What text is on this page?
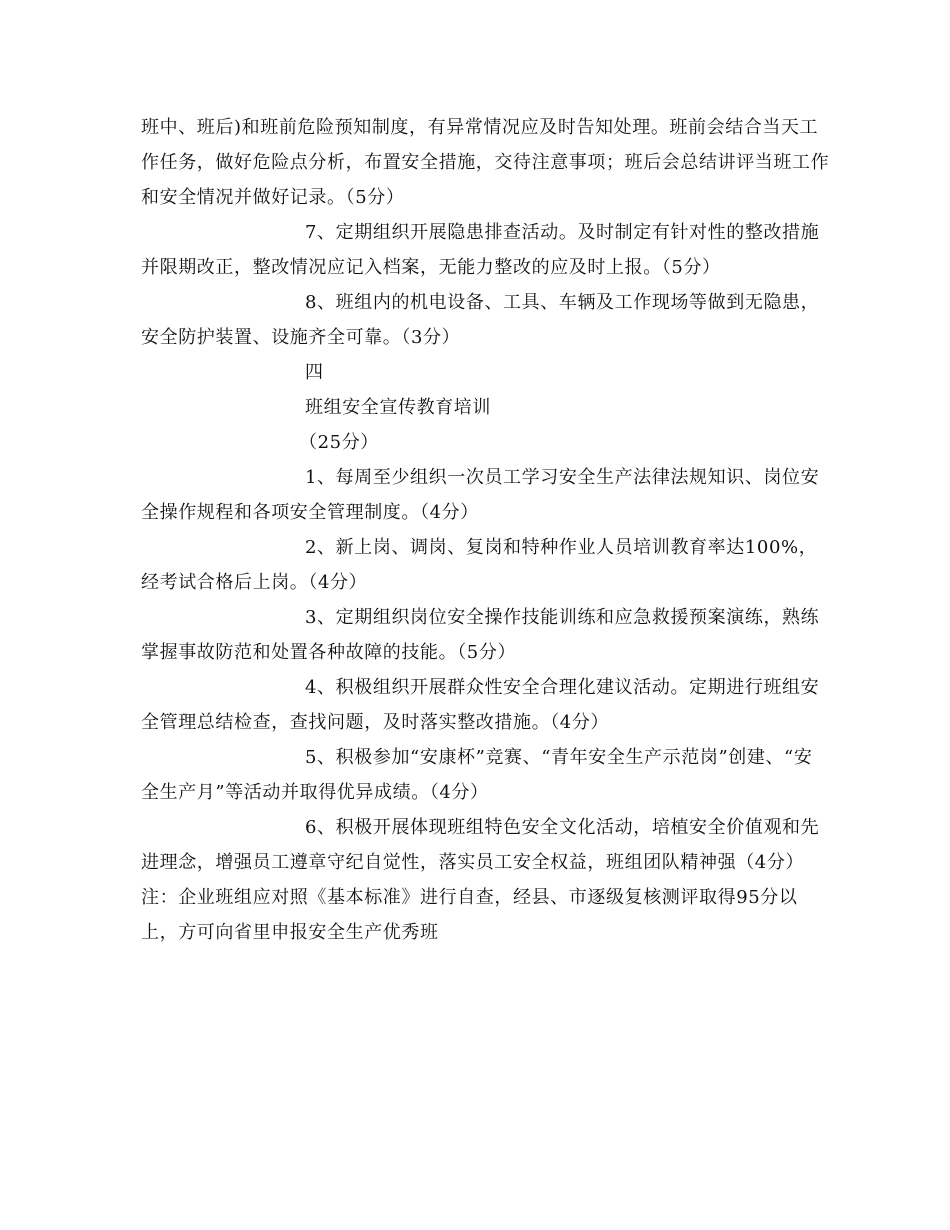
班中、班后)和班前危险预知制度，有异常情况应及时告知处理。班前会结合当天工作任务，做好危险点分析，布置安全措施，交待注意事项；班后会总结讲评当班工作和安全情况并做好记录。（5分）

7、定期组织开展隐患排查活动。及时制定有针对性的整改措施并限期改正，整改情况应记入档案，无能力整改的应及时上报。（5分）

8、班组内的机电设备、工具、车辆及工作现场等做到无隐患，安全防护装置、设施齐全可靠。（3分）

四

班组安全宣传教育培训

（25分）

1、每周至少组织一次员工学习安全生产法律法规知识、岗位安全操作规程和各项安全管理制度。（4分）

2、新上岗、调岗、复岗和特种作业人员培训教育率达100%，经考试合格后上岗。（4分）

3、定期组织岗位安全操作技能训练和应急救援预案演练，熟练掌握事故防范和处置各种故障的技能。（5分）

4、积极组织开展群众性安全合理化建议活动。定期进行班组安全管理总结检查，查找问题，及时落实整改措施。（4分）

5、积极参加“安康杯”竞赛、“青年安全生产示范岗”创建、“安全生产月”等活动并取得优异成绩。（4分）

6、积极开展体现班组特色安全文化活动，培植安全价值观和先进理念，增强员工遵章守纪自觉性，落实员工安全权益，班组团队精神强（4分）

注：企业班组应对照《基本标准》进行自查，经县、市逐级复核测评取得95分以上，方可向省里申报安全生产优秀班
